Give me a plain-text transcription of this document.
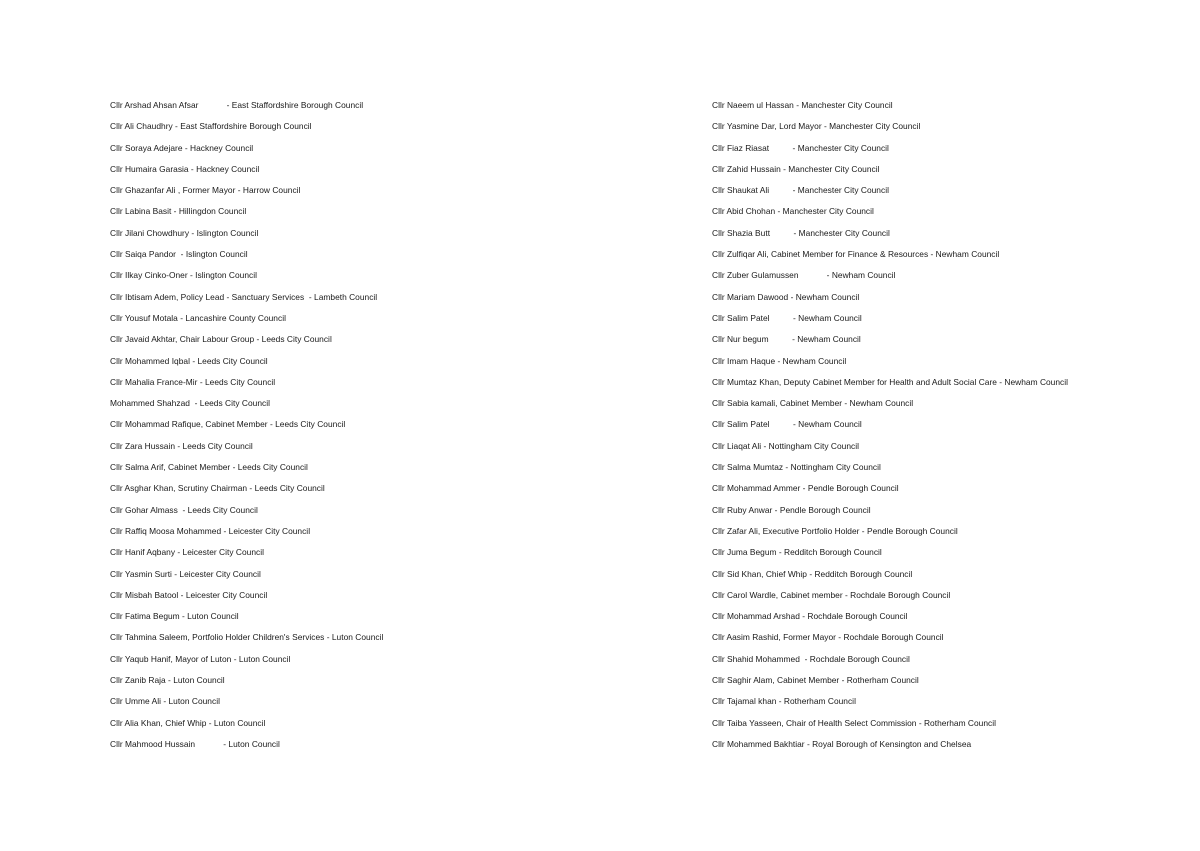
Cllr Arshad Ahsan Afsar            - East Staffordshire Borough Council
Cllr Ali Chaudhry - East Staffordshire Borough Council
Cllr Soraya Adejare - Hackney Council
Cllr Humaira Garasia - Hackney Council
Cllr Ghazanfar Ali , Former Mayor - Harrow Council
Cllr Labina Basit - Hillingdon Council
Cllr Jilani Chowdhury - Islington Council
Cllr Saiqa Pandor  - Islington Council
Cllr Ilkay Cinko-Oner - Islington Council
Cllr Ibtisam Adem, Policy Lead - Sanctuary Services  - Lambeth Council
Cllr Yousuf Motala - Lancashire County Council
Cllr Javaid Akhtar, Chair Labour Group - Leeds City Council
Cllr Mohammed Iqbal - Leeds City Council
Cllr Mahalia France-Mir - Leeds City Council
Mohammed Shahzad  - Leeds City Council
Cllr Mohammad Rafique, Cabinet Member - Leeds City Council
Cllr Zara Hussain - Leeds City Council
Cllr Salma Arif, Cabinet Member - Leeds City Council
Cllr Asghar Khan, Scrutiny Chairman - Leeds City Council
Cllr Gohar Almass  - Leeds City Council
Cllr Raffiq Moosa Mohammed - Leicester City Council
Cllr Hanif Aqbany - Leicester City Council
Cllr Yasmin Surti - Leicester City Council
Cllr Misbah Batool - Leicester City Council
Cllr Fatima Begum - Luton Council
Cllr Tahmina Saleem, Portfolio Holder Children's Services - Luton Council
Cllr Yaqub Hanif, Mayor of Luton - Luton Council
Cllr Zanib Raja - Luton Council
Cllr Umme Ali - Luton Council
Cllr Alia Khan, Chief Whip - Luton Council
Cllr Mahmood Hussain            - Luton Council
Cllr Naeem ul Hassan - Manchester City Council
Cllr Yasmine Dar, Lord Mayor - Manchester City Council
Cllr Fiaz Riasat          - Manchester City Council
Cllr Zahid Hussain - Manchester City Council
Cllr Shaukat Ali          - Manchester City Council
Cllr Abid Chohan - Manchester City Council
Cllr Shazia Butt          - Manchester City Council
Cllr Zulfiqar Ali, Cabinet Member for Finance & Resources - Newham Council
Cllr Zuber Gulamussen            - Newham Council
Cllr Mariam Dawood - Newham Council
Cllr Salim Patel          - Newham Council
Cllr Nur begum          - Newham Council
Cllr Imam Haque - Newham Council
Cllr Mumtaz Khan, Deputy Cabinet Member for Health and Adult Social Care - Newham Council
Cllr Sabia kamali, Cabinet Member - Newham Council
Cllr Salim Patel          - Newham Council
Cllr Liaqat Ali - Nottingham City Council
Cllr Salma Mumtaz - Nottingham City Council
Cllr Mohammad Ammer - Pendle Borough Council
Cllr Ruby Anwar - Pendle Borough Council
Cllr Zafar Ali, Executive Portfolio Holder - Pendle Borough Council
Cllr Juma Begum - Redditch Borough Council
Cllr Sid Khan, Chief Whip - Redditch Borough Council
Cllr Carol Wardle, Cabinet member - Rochdale Borough Council
Cllr Mohammad Arshad - Rochdale Borough Council
Cllr Aasim Rashid, Former Mayor - Rochdale Borough Council
Cllr Shahid Mohammed  - Rochdale Borough Council
Cllr Saghir Alam, Cabinet Member - Rotherham Council
Cllr Tajamal khan - Rotherham Council
Cllr Taiba Yasseen, Chair of Health Select Commission - Rotherham Council
Cllr Mohammed Bakhtiar - Royal Borough of Kensington and Chelsea
